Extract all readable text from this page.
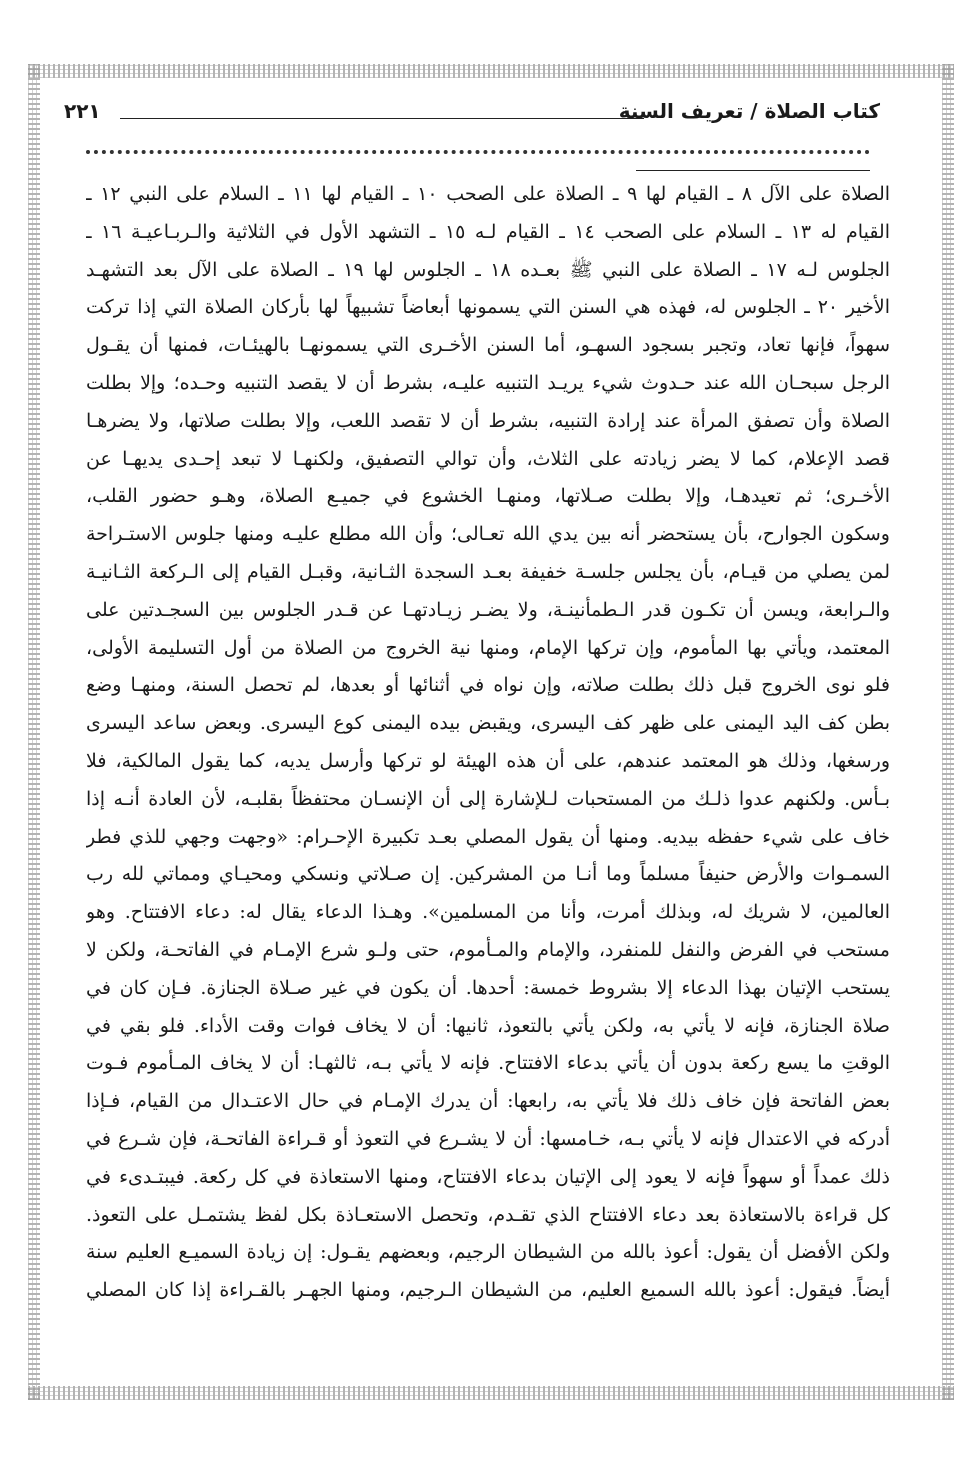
كتاب الصلاة / تعريف السنة
٢٢١
الصلاة على الآل ٨ ـ القيام لها ٩ ـ الصلاة على الصحب ١٠ ـ القيام لها ١١ ـ السلام على النبي ١٢ ـ
القيام له ١٣ ـ السلام على الصحب ١٤ ـ القيام لـه ١٥ ـ التشهد الأول في الثلاثية والـربـاعيـة ١٦ ـ
الجلوس لـه ١٧ ـ الصلاة على النبي ﷺ بعـده ١٨ ـ الجلوس لها ١٩ ـ الصلاة على الآل بعد التشهـد
الأخير ٢٠ ـ الجلوس له، فهذه هي السنن التي يسمونها أبعاضاً تشبيهاً لها بأركان الصلاة التي إذا تركت
سهواً، فإنها تعاد، وتجبر بسجود السهـو، أما السنن الأخـرى التي يسمونهـا بالهيئـات، فمنها أن يقـول
الرجل سبحـان الله عند حـدوث شيء يريـد التنبيه عليـه، بشرط أن لا يقصد التنبيه وحـده؛ وإلا بطلت
الصلاة وأن تصفق المرأة عند إرادة التنبيه، بشرط أن لا تقصد اللعب، وإلا بطلت صلاتها، ولا يضرهـا
قصد الإعلام، كما لا يضر زيادته على الثلاث، وأن توالي التصفيق، ولكنهـا لا تبعد إحـدى يديهـا عن
الأخـرى؛ ثم تعيدهـا، وإلا بطلت صـلاتها، ومنهـا الخشوع في جميـع الصلاة، وهـو حضور القلب،
وسكون الجوارح، بأن يستحضر أنه بين يدي الله تعـالى؛ وأن الله مطلع عليـه ومنها جلوس الاستـراحة
لمن يصلي من قيـام، بأن يجلس جلسـة خفيفة بعـد السجدة الثـانية، وقبـل القيام إلى الـركعة الثـانيـة
والـرابعة، ويسن أن تكـون قدر الـطمأنينـة، ولا يضـر زيـادتهـا عن قـدر الجلوس بين السجـدتين على
المعتمد، ويأتي بها المأموم، وإن تركها الإمام، ومنها نية الخروج من الصلاة من أول التسليمة الأولى،
فلو نوى الخروج قبل ذلك بطلت صلاته، وإن نواه في أثنائها أو بعدها، لم تحصل السنة، ومنهـا وضع
بطن كف اليد اليمنى على ظهر كف اليسرى، ويقبض بيده اليمنى كوع اليسرى. وبعض ساعد اليسرى
ورسغها، وذلك هو المعتمد عندهم، على أن هذه الهيئة لو تركها وأرسل يديه، كما يقول المالكية، فلا
بـأس. ولكنهم عدوا ذلـك من المستحبات لـلإشارة إلى أن الإنسـان محتفظاً بقلبـه، لأن العادة أنـه إذا
خاف على شيء حفظه بيديه. ومنها أن يقول المصلي بعـد تكبيرة الإحـرام: «وجهت وجهي للذي فطر
السمـوات والأرض حنيفاً مسلماً وما أنـا من المشركين. إن صـلاتي ونسكي ومحيـاي ومماتي لله رب
العالمين، لا شريك له، وبذلك أمرت، وأنا من المسلمين». وهـذا الدعاء يقال له: دعاء الافتتاح. وهو
مستحب في الفرض والنفل للمنفرد، والإمام والمـأموم، حتى ولـو شرع الإمـام في الفاتحـة، ولكن لا
يستحب الإتيان بهذا الدعاء إلا بشروط خمسة: أحدها. أن يكون في غير صـلاة الجنازة. فـإن كان في
صلاة الجنازة، فإنه لا يأتي به، ولكن يأتي بالتعوذ، ثانيها: أن لا يخاف فوات وقت الأداء. فلو بقي في
الوقتِ ما يسع ركعة بدون أن يأتي بدعاء الافتتاح. فإنه لا يأتي بـه، ثالثهـا: أن لا يخاف المـأموم فـوت
بعض الفاتحة فإن خاف ذلك فلا يأتي به، رابعها: أن يدرك الإمـام في حال الاعتـدال من القيام، فـإذا
أدركه في الاعتدال فإنه لا يأتي بـه، خـامسها: أن لا يشـرع في التعوذ أو قـراءة الفاتحـة، فإن شـرع في
ذلك عمداً أو سهواً فإنه لا يعود إلى الإتيان بدعاء الافتتاح، ومنها الاستعاذة في كل ركعة. فيبتـدىء في
كل قراءة بالاستعاذة بعد دعاء الافتتاح الذي تقـدم، وتحصل الاستعـاذة بكل لفظ يشتمـل على التعوذ.
ولكن الأفضل أن يقول: أعوذ بالله من الشيطان الرجيم، وبعضهم يقـول: إن زيادة السميـع العليم سنة
أيضاً. فيقول: أعوذ بالله السميع العليم، من الشيطان الـرجيم، ومنها الجهـر بالقـراءة إذا كان المصلي
